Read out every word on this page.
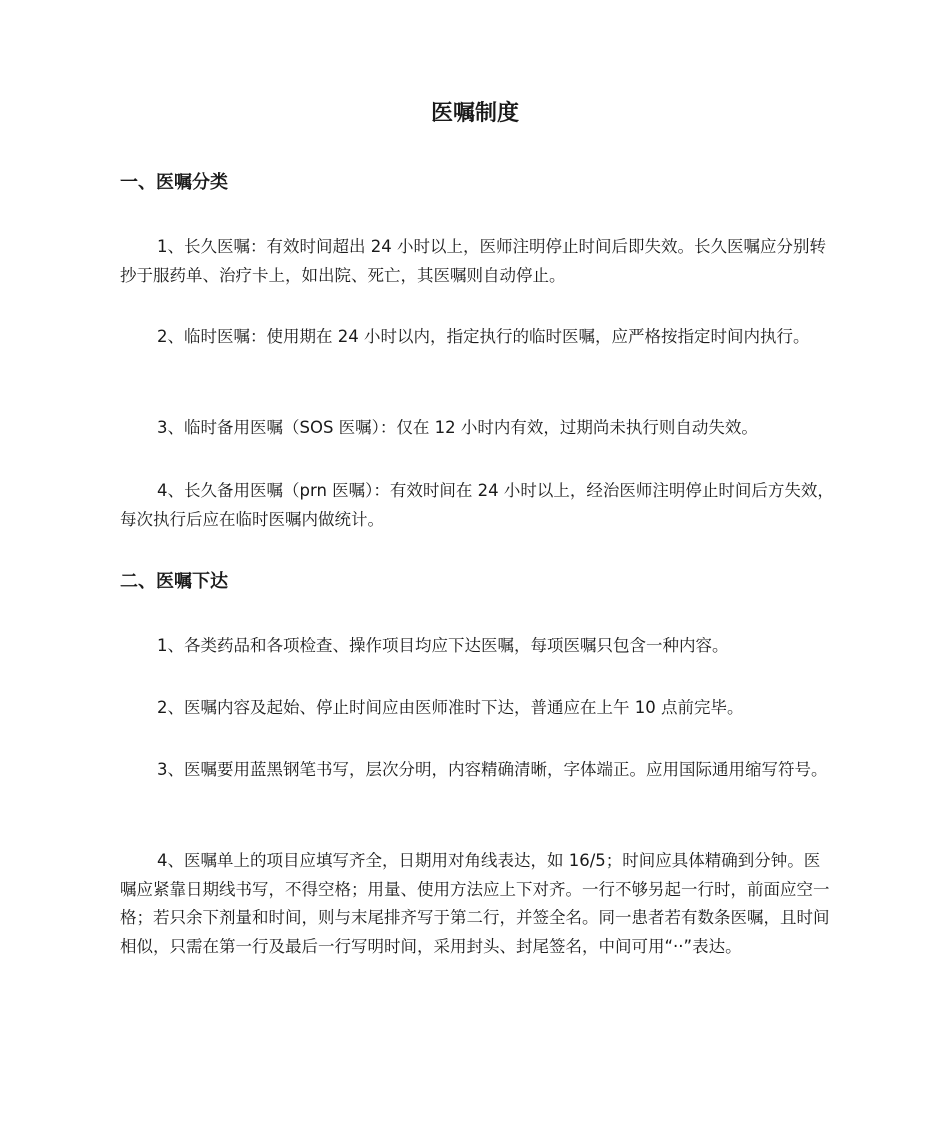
医嘱制度
一、医嘱分类

1、长久医嘱：有效时间超出 24 小时以上，医师注明停止时间后即失效。长久医嘱应分别转抄于服药单、治疗卡上，如出院、死亡，其医嘱则自动停止。

2、临时医嘱：使用期在 24 小时以内，指定执行的临时医嘱，应严格按指定时间内执行。

3、临时备用医嘱（SOS 医嘱）：仅在 12 小时内有效，过期尚未执行则自动失效。

4、长久备用医嘱（prn 医嘱）：有效时间在 24 小时以上，经治医师注明停止时间后方失效，每次执行后应在临时医嘱内做统计。

二、医嘱下达

1、各类药品和各项检查、操作项目均应下达医嘱，每项医嘱只包含一种内容。

2、医嘱内容及起始、停止时间应由医师准时下达，普通应在上午 10 点前完毕。

3、医嘱要用蓝黑钢笔书写，层次分明，内容精确清晰，字体端正。应用国际通用缩写符号。

4、医嘱单上的项目应填写齐全，日期用对角线表达，如 16/5；时间应具体精确到分钟。医嘱应紧靠日期线书写，不得空格；用量、使用方法应上下对齐。一行不够另起一行时，前面应空一格；若只余下剂量和时间，则与末尾排齐写于第二行，并签全名。同一患者若有数条医嘱，且时间相似，只需在第一行及最后一行写明时间，采用封头、封尾签名，中间可用“··”表达。
